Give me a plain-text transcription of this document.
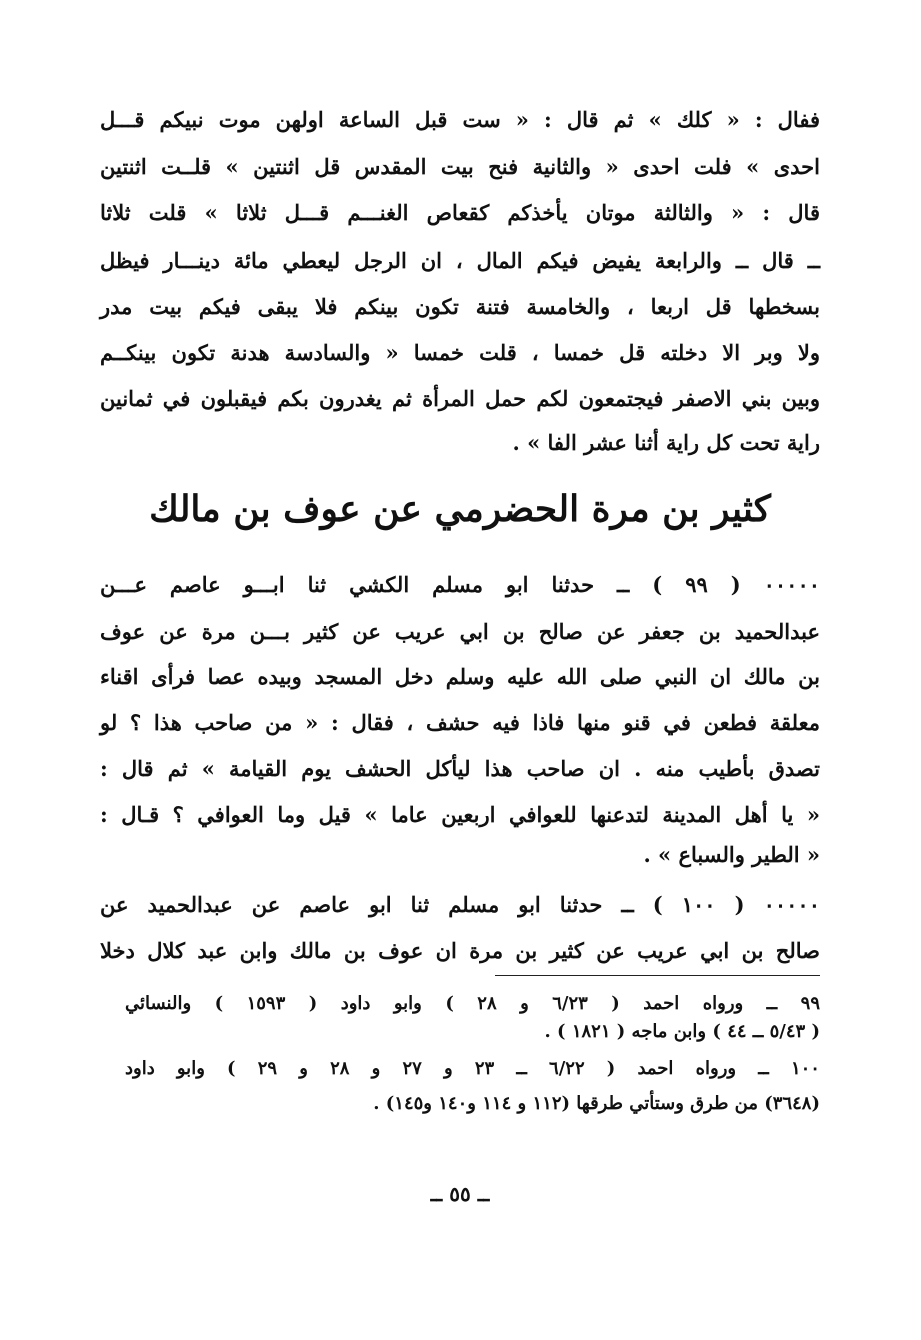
ففال : « كلك » ثم قال : « ست قبل الساعة اولهن موت نبيكم قـــل
احدى » فلت احدى « والثانية فنح بيت المقدس قل اثنتين » قلــت اثنتين
قال : « والثالثة موتان يأخذكم كقعاص الغنـــم قـــل ثلاثا » قلت ثلاثا
ــ قال ــ والرابعة يفيض فيكم المال ، ان الرجل ليعطي مائة دينـــار فيظل
بسخطها قل اربعا ، والخامسة فتنة تكون بينكم فلا يبقى فيكم بيت مدر
ولا وبر الا دخلته قل خمسا ، قلت خمسا « والسادسة هدنة تكون بينكــم
وبين بني الاصفر فيجتمعون لكم حمل المرأة ثم يغدرون بكم فيقبلون في ثمانين
راية تحت كل راية أثنا عشر الفا » .
كثير بن مرة الحضرمي عن عوف بن مالك
٠٠٠٠٠ ( ٩٩ ) ــ حدثنا ابو مسلم الكشي ثنا ابـــو عاصم عـــن
عبدالحميد بن جعفر عن صالح بن ابي عريب عن كثير بـــن مرة عن عوف
بن مالك ان النبي صلى الله عليه وسلم دخل المسجد وبيده عصا فرأى اقناء
معلقة فطعن في قنو منها فاذا فيه حشف ، فقال : « من صاحب هذا ؟ لو
تصدق بأطيب منه . ان صاحب هذا ليأكل الحشف يوم القيامة » ثم قال :
« يا أهل المدينة لتدعنها للعوافي اربعين عاما » قيل وما العوافي ؟ قـال :
« الطير والسباع » .
٠٠٠٠٠ ( ١٠٠ ) ــ حدثنا ابو مسلم ثنا ابو عاصم عن عبدالحميد عن
صالح بن ابي عريب عن كثير بن مرة ان عوف بن مالك وابن عبد كلال دخلا
٩٩ ــ ورواه احمد ( ٦/٢٣ و ٢٨ ) وابو داود ( ١٥٩٣ ) والنسائي
( ٥/٤٣ ــ ٤٤ ) وابن ماجه ( ١٨٢١ ) .
١٠٠ ــ ورواه احمد ( ٦/٢٢ ــ ٢٣ و ٢٧ و ٢٨ و ٢٩ ) وابو داود
(٣٦٤٨) من طرق وستأتي طرقها (١١٢ و ١١٤ و١٤٠ و١٤٥) .
ــ ٥٥ ــ
